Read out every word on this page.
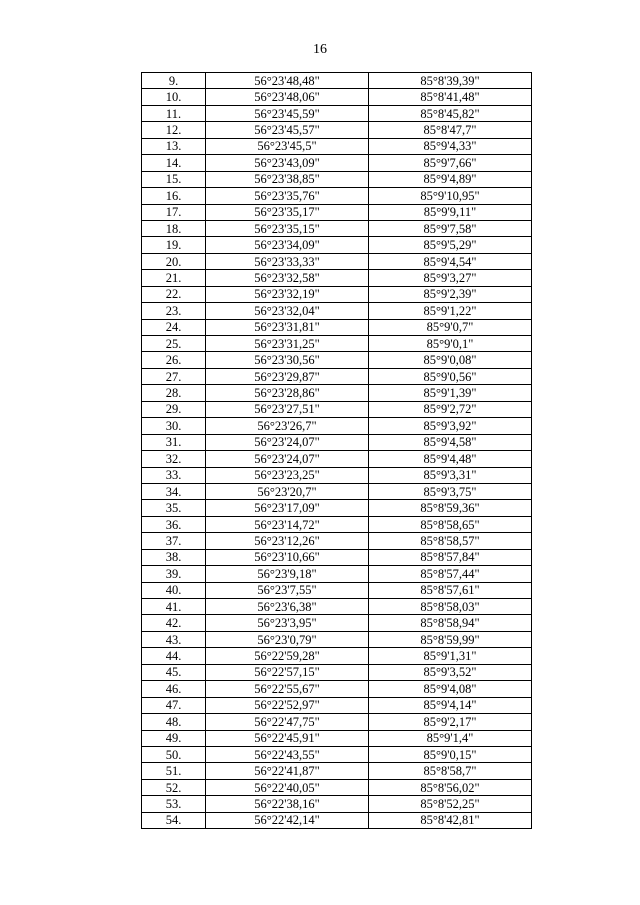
16
9.	56°23'48,48"	85°8'39,39"
10.	56°23'48,06"	85°8'41,48"
11.	56°23'45,59"	85°8'45,82"
12.	56°23'45,57"	85°8'47,7"
13.	56°23'45,5"	85°9'4,33"
14.	56°23'43,09"	85°9'7,66"
15.	56°23'38,85"	85°9'4,89"
16.	56°23'35,76"	85°9'10,95"
17.	56°23'35,17"	85°9'9,11"
18.	56°23'35,15"	85°9'7,58"
19.	56°23'34,09"	85°9'5,29"
20.	56°23'33,33"	85°9'4,54"
21.	56°23'32,58"	85°9'3,27"
22.	56°23'32,19"	85°9'2,39"
23.	56°23'32,04"	85°9'1,22"
24.	56°23'31,81"	85°9'0,7"
25.	56°23'31,25"	85°9'0,1"
26.	56°23'30,56"	85°9'0,08"
27.	56°23'29,87"	85°9'0,56"
28.	56°23'28,86"	85°9'1,39"
29.	56°23'27,51"	85°9'2,72"
30.	56°23'26,7"	85°9'3,92"
31.	56°23'24,07"	85°9'4,58"
32.	56°23'24,07"	85°9'4,48"
33.	56°23'23,25"	85°9'3,31"
34.	56°23'20,7"	85°9'3,75"
35.	56°23'17,09"	85°8'59,36"
36.	56°23'14,72"	85°8'58,65"
37.	56°23'12,26"	85°8'58,57"
38.	56°23'10,66"	85°8'57,84"
39.	56°23'9,18"	85°8'57,44"
40.	56°23'7,55"	85°8'57,61"
41.	56°23'6,38"	85°8'58,03"
42.	56°23'3,95"	85°8'58,94"
43.	56°23'0,79"	85°8'59,99"
44.	56°22'59,28"	85°9'1,31"
45.	56°22'57,15"	85°9'3,52"
46.	56°22'55,67"	85°9'4,08"
47.	56°22'52,97"	85°9'4,14"
48.	56°22'47,75"	85°9'2,17"
49.	56°22'45,91"	85°9'1,4"
50.	56°22'43,55"	85°9'0,15"
51.	56°22'41,87"	85°8'58,7"
52.	56°22'40,05"	85°8'56,02"
53.	56°22'38,16"	85°8'52,25"
54.	56°22'42,14"	85°8'42,81"
